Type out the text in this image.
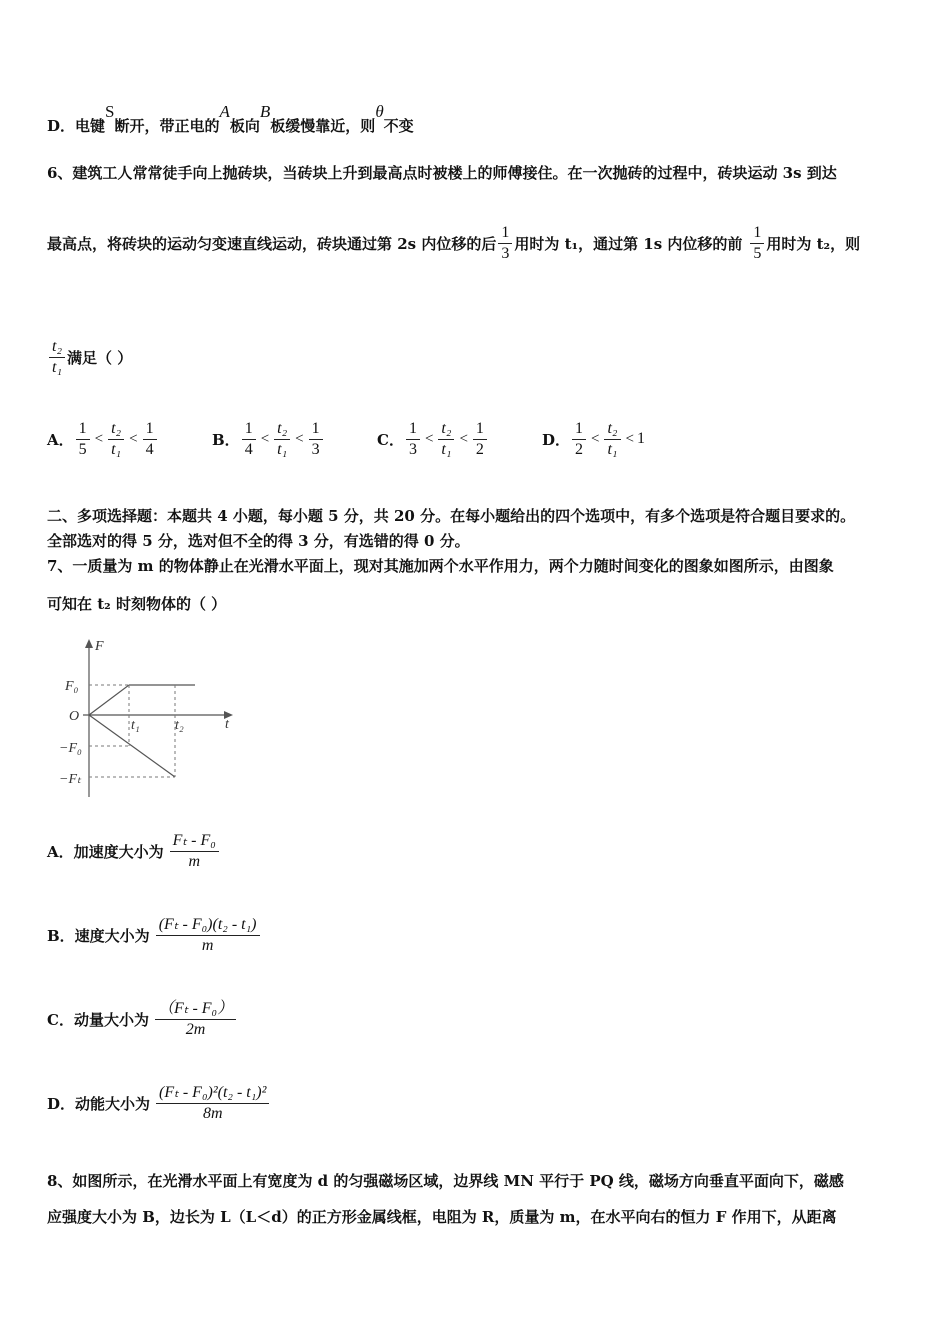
D．电键S断开，带正电的A板向B板缓慢靠近，则θ不变
6、建筑工人常常徒手向上抛砖块，当砖块上升到最高点时被楼上的师傅接住。在一次抛砖的过程中，砖块运动 3s 到达
最高点，将砖块的运动匀变速直线运动，砖块通过第 2s 内位移的后 $\frac{1}{3}$ 用时为 t₁，通过第 1s 内位移的前 $\frac{1}{5}$ 用时为 t₂，则
$\frac{\text{t₂}}{\text{t₁}}$ 满足（ ）
A． $\frac{1}{5} < \frac{\text{t₂}}{\text{t₁}} < \frac{1}{4}$	B． $\frac{1}{4} < \frac{\text{t₂}}{\text{t₁}} < \frac{1}{3}$	C． $\frac{1}{3} < \frac{\text{t₂}}{\text{t₁}} < \frac{1}{2}$	D． $\frac{1}{2} < \frac{\text{t₂}}{\text{t₁}} < 1$
二、多项选择题：本题共 4 小题，每小题 5 分，共 20 分。在每小题给出的四个选项中，有多个选项是符合题目要求的。
全部选对的得 5 分，选对但不全的得 3 分，有选错的得 0 分。
7、一质量为 m 的物体静止在光滑水平面上，现对其施加两个水平作用力，两个力随时间变化的图象如图所示，由图象
可知在 t₂ 时刻物体的（ ）
F
t
O
F₀
−F₀
−Fₜ
t₁	t₂
A．加速度大小为 $\frac{\text{Fₜ - F₀}}{m}$
B．速度大小为 $\frac{\text{(Fₜ - F₀)(t₂ - t₁)}}{m}$
C．动量大小为 $\frac{\text{（Fₜ - F₀）}}{2m}$
D．动能大小为 $\frac{\text{(Fₜ - F₀)²(t₂ - t₁)²}}{8m}$
8、如图所示，在光滑水平面上有宽度为 d 的匀强磁场区域，边界线 MN 平行于 PQ 线，磁场方向垂直平面向下，磁感
应强度大小为 B，边长为 L（L＜d）的正方形金属线框，电阻为 R，质量为 m，在水平向右的恒力 F 作用下，从距离
